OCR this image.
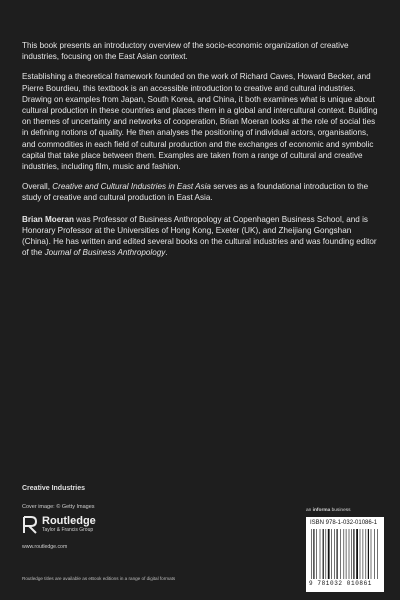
This book presents an introductory overview of the socio-economic organization of creative industries, focusing on the East Asian context.

Establishing a theoretical framework founded on the work of Richard Caves, Howard Becker, and Pierre Bourdieu, this textbook is an accessible introduction to creative and cultural industries. Drawing on examples from Japan, South Korea, and China, it both examines what is unique about cultural production in these countries and places them in a global and intercultural context. Building on themes of uncertainty and networks of cooperation, Brian Moeran looks at the role of social ties in defining notions of quality. He then analyses the positioning of individual actors, organisations, and commodities in each field of cultural production and the exchanges of economic and symbolic capital that take place between them. Examples are taken from a range of cultural and creative industries, including film, music and fashion.

Overall, Creative and Cultural Industries in East Asia serves as a foundational introduction to the study of creative and cultural production in East Asia.

Brian Moeran was Professor of Business Anthropology at Copenhagen Business School, and is Honorary Professor at the Universities of Hong Kong, Exeter (UK), and Zheijiang Gongshan (China). He has written and edited several books on the cultural industries and was founding editor of the Journal of Business Anthropology.

Creative Industries
Cover image: © Getty Images
Routledge
Taylor & Francis Group
www.routledge.com
Routledge titles are available as eBook editions in a range of digital formats
an informa business
ISBN 978-1-032-01086-1
9 781032 010861
